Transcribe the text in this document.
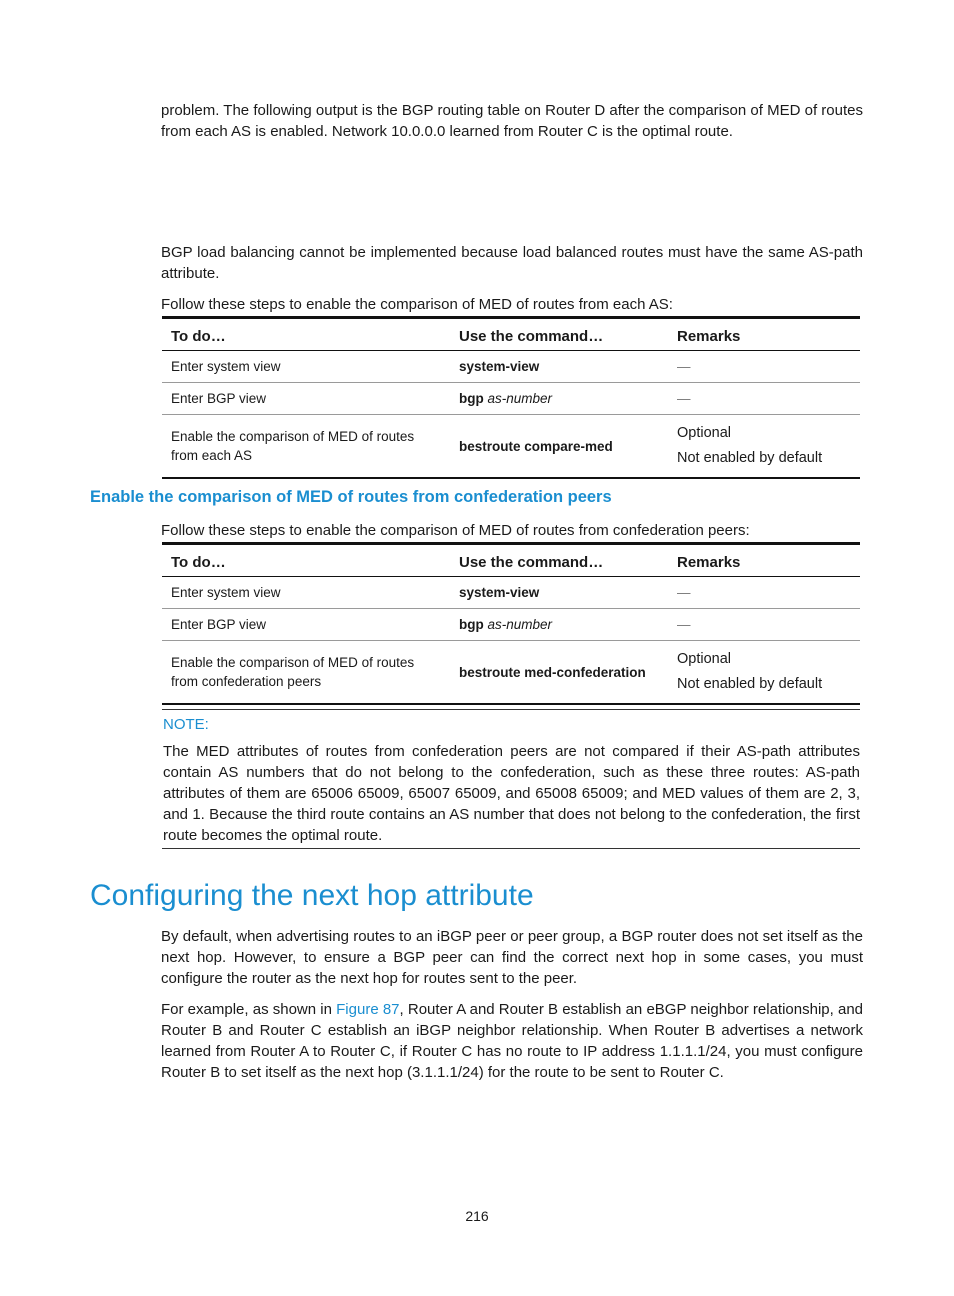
problem. The following output is the BGP routing table on Router D after the comparison of MED of routes from each AS is enabled. Network 10.0.0.0 learned from Router C is the optimal route.
BGP load balancing cannot be implemented because load balanced routes must have the same AS-path attribute.
Follow these steps to enable the comparison of MED of routes from each AS:
To do…	Use the command…	Remarks
Enter system view	system-view	—
Enter BGP view	bgp as-number	—
Enable the comparison of MED of routes from each AS	bestroute compare-med	Optional
Not enabled by default
Enable the comparison of MED of routes from confederation peers
Follow these steps to enable the comparison of MED of routes from confederation peers:
To do…	Use the command…	Remarks
Enter system view	system-view	—
Enter BGP view	bgp as-number	—
Enable the comparison of MED of routes from confederation peers	bestroute med-confederation	Optional
Not enabled by default
NOTE:
The MED attributes of routes from confederation peers are not compared if their AS-path attributes contain AS numbers that do not belong to the confederation, such as these three routes: AS-path attributes of them are 65006 65009, 65007 65009, and 65008 65009; and MED values of them are 2, 3, and 1. Because the third route contains an AS number that does not belong to the confederation, the first route becomes the optimal route.
Configuring the next hop attribute
By default, when advertising routes to an iBGP peer or peer group, a BGP router does not set itself as the next hop. However, to ensure a BGP peer can find the correct next hop in some cases, you must configure the router as the next hop for routes sent to the peer.
For example, as shown in Figure 87, Router A and Router B establish an eBGP neighbor relationship, and Router B and Router C establish an iBGP neighbor relationship. When Router B advertises a network learned from Router A to Router C, if Router C has no route to IP address 1.1.1.1/24, you must configure Router B to set itself as the next hop (3.1.1.1/24) for the route to be sent to Router C.
216
